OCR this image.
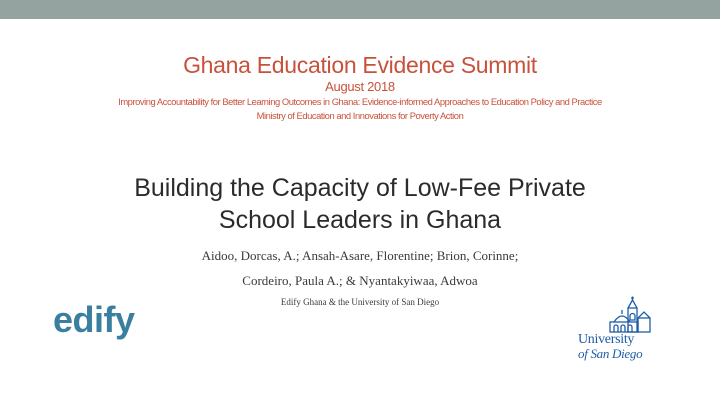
Ghana Education Evidence Summit
August 2018
Improving Accountability for Better Learning Outcomes in Ghana: Evidence-informed Approaches to Education Policy and Practice
Ministry of Education and Innovations for Poverty Action
Building the Capacity of Low-Fee Private
School Leaders in Ghana
Aidoo, Dorcas, A.; Ansah-Asare, Florentine; Brion, Corinne;
Cordeiro, Paula A.; & Nyantakyiwaa, Adwoa
Edify Ghana & the University of San Diego
edify	University
of San Diego
